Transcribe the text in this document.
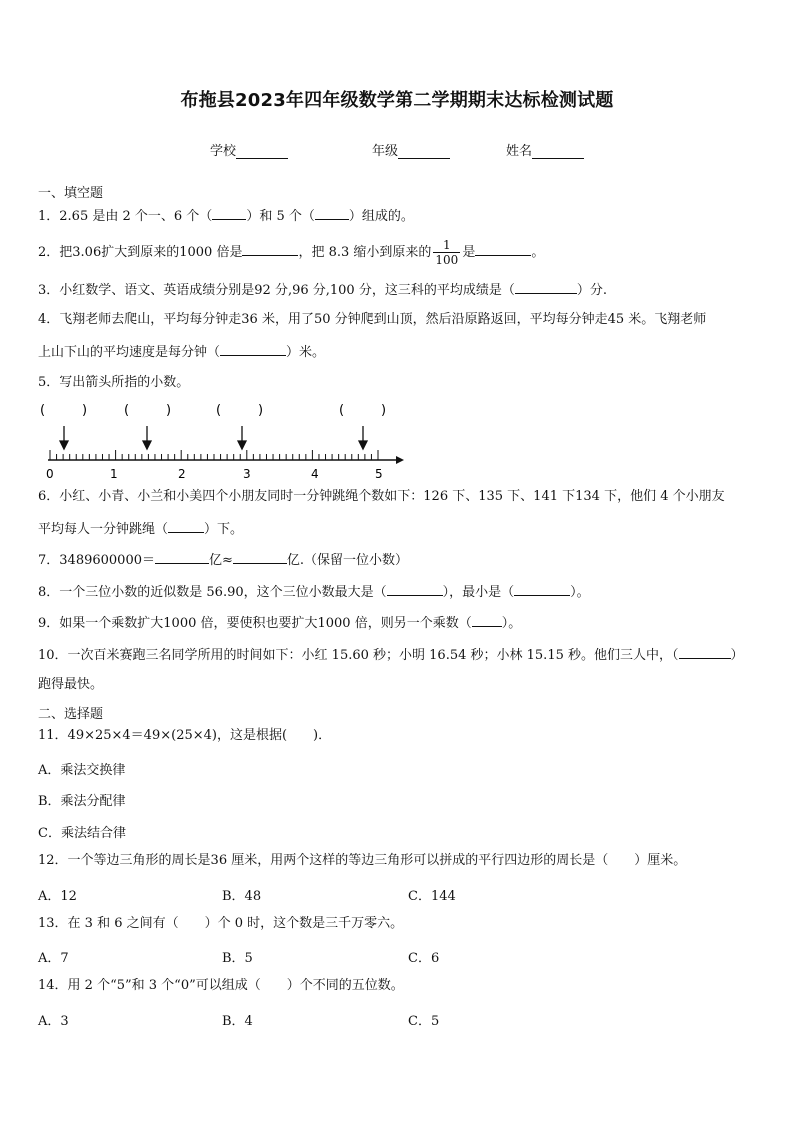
布拖县2023年四年级数学第二学期期末达标检测试题
学校	年级	姓名
一、填空题
1．2.65 是由 2 个一、6 个（	）和 5 个（	）组成的。
2．把3.06扩大到原来的1000 倍是	，把 8.3 缩小到原来的 $\frac{1}{100}$ 是	。
3．小红数学、语文、英语成绩分别是92 分,96 分,100 分，这三科的平均成绩是（	）分.
4．飞翔老师去爬山，平均每分钟走36 米，用了50 分钟爬到山顶，然后沿原路返回，平均每分钟走45 米。飞翔老师
上山下山的平均速度是每分钟（	）米。
5．写出箭头所指的小数。
(	)	(	)	(	)	(	)
0	1	2	3	4	5
6．小红、小青、小兰和小美四个小朋友同时一分钟跳绳个数如下：126 下、135 下、141 下134 下，他们 4 个小朋友
平均每人一分钟跳绳（	）下。
7．3489600000＝	亿≈	亿.（保留一位小数）
8．一个三位小数的近似数是 56.90，这个三位小数最大是（	），最小是（	）。
9．如果一个乘数扩大1000 倍，要使积也要扩大1000 倍，则另一个乘数（ ）。
10．一次百米赛跑三名同学所用的时间如下：小红 15.60 秒；小明 16.54 秒；小林 15.15 秒。他们三人中，（	）
跑得最快。
二、选择题
11．49×25×4＝49×(25×4)，这是根据(　　)．
A．乘法交换律
B．乘法分配律
C．乘法结合律
12．一个等边三角形的周长是36 厘米，用两个这样的等边三角形可以拼成的平行四边形的周长是（　　）厘米。
A．12	B．48	C．144
13．在 3 和 6 之间有（　　）个 0 时，这个数是三千万零六。
A．7	B．5	C．6
14．用 2 个“5”和 3 个“0”可以组成（　　）个不同的五位数。
A．3	B．4	C．5
